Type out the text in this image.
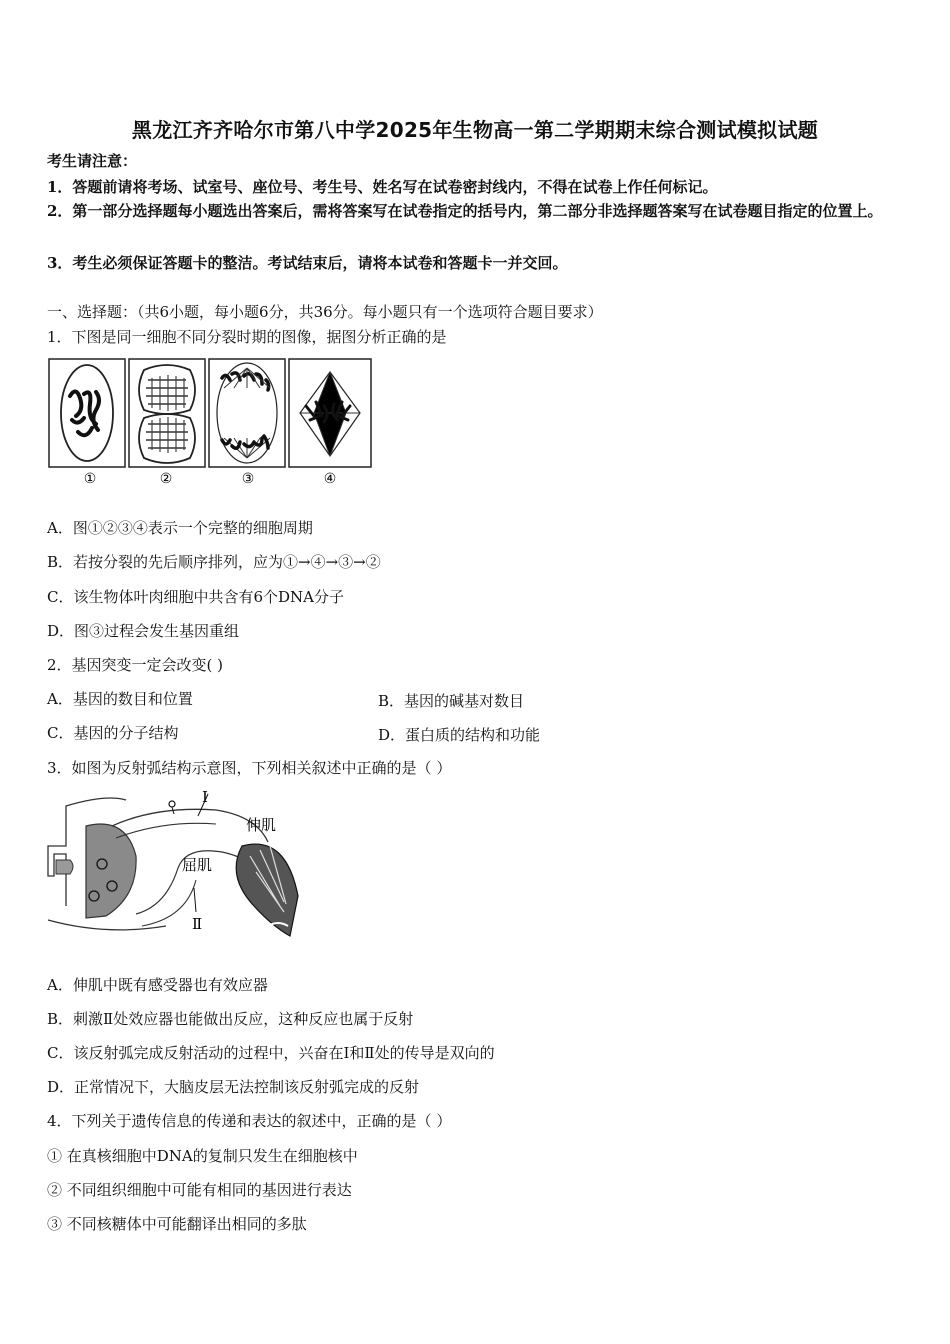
黑龙江齐齐哈尔市第八中学2025年生物高一第二学期期末综合测试模拟试题
考生请注意：
1．答题前请将考场、试室号、座位号、考生号、姓名写在试卷密封线内，不得在试卷上作任何标记。
2．第一部分选择题每小题选出答案后，需将答案写在试卷指定的括号内，第二部分非选择题答案写在试卷题目指定的位置上。
3．考生必须保证答题卡的整洁。考试结束后，请将本试卷和答题卡一并交回。
一、选择题：（共6小题，每小题6分，共36分。每小题只有一个选项符合题目要求）
1．下图是同一细胞不同分裂时期的图像，据图分析正确的是
①	②	③	④
A．图①②③④表示一个完整的细胞周期
B．若按分裂的先后顺序排列，应为①→④→③→②
C．该生物体叶肉细胞中共含有6个DNA分子
D．图③过程会发生基因重组
2．基因突变一定会改变( )
A．基因的数目和位置	B．基因的碱基对数目
C．基因的分子结构	D．蛋白质的结构和功能
3．如图为反射弧结构示意图，下列相关叙述中正确的是（ ）
Ⅰ
Ⅱ
伸肌
屈肌
A．伸肌中既有感受器也有效应器
B．刺激Ⅱ处效应器也能做出反应，这种反应也属于反射
C．该反射弧完成反射活动的过程中，兴奋在Ⅰ和Ⅱ处的传导是双向的
D．正常情况下，大脑皮层无法控制该反射弧完成的反射
4．下列关于遗传信息的传递和表达的叙述中，正确的是（ ）
① 在真核细胞中DNA的复制只发生在细胞核中
② 不同组织细胞中可能有相同的基因进行表达
③ 不同核糖体中可能翻译出相同的多肽
